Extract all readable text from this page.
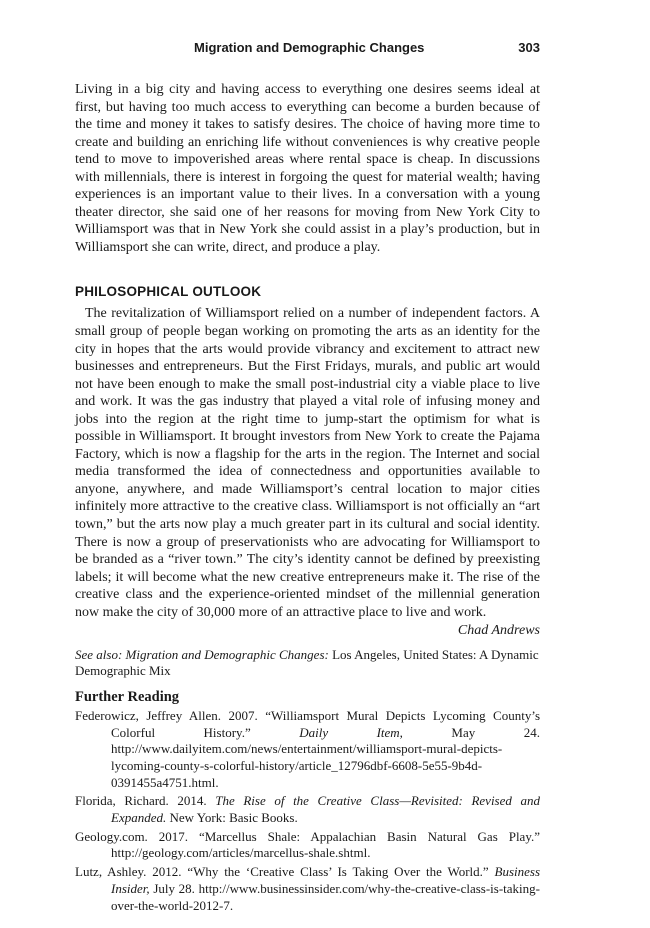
Migration and Demographic Changes	303

Living in a big city and having access to everything one desires seems ideal at first, but having too much access to everything can become a burden because of the time and money it takes to satisfy desires. The choice of having more time to create and building an enriching life without conveniences is why creative people tend to move to impoverished areas where rental space is cheap. In discussions with millennials, there is interest in forgoing the quest for material wealth; having experiences is an important value to their lives. In a conversation with a young theater director, she said one of her reasons for moving from New York City to Williamsport was that in New York she could assist in a play’s production, but in Williamsport she can write, direct, and produce a play.

PHILOSOPHICAL OUTLOOK

The revitalization of Williamsport relied on a number of independent factors. A small group of people began working on promoting the arts as an identity for the city in hopes that the arts would provide vibrancy and excitement to attract new businesses and entrepreneurs. But the First Fridays, murals, and public art would not have been enough to make the small post-industrial city a viable place to live and work. It was the gas industry that played a vital role of infusing money and jobs into the region at the right time to jump-start the optimism for what is possible in Williamsport. It brought investors from New York to create the Pajama Factory, which is now a flagship for the arts in the region. The Internet and social media transformed the idea of connectedness and opportunities available to anyone, anywhere, and made Williamsport’s central location to major cities infinitely more attractive to the creative class. Williamsport is not officially an “art town,” but the arts now play a much greater part in its cultural and social identity. There is now a group of preservationists who are advocating for Williamsport to be branded as a “river town.” The city’s identity cannot be defined by preexisting labels; it will become what the new creative entrepreneurs make it. The rise of the creative class and the experience-oriented mindset of the millennial generation now make the city of 30,000 more of an attractive place to live and work.

Chad Andrews

See also: Migration and Demographic Changes: Los Angeles, United States: A Dynamic Demographic Mix

Further Reading

Federowicz, Jeffrey Allen. 2007. “Williamsport Mural Depicts Lycoming County’s Colorful History.” Daily Item, May 24. http://www.dailyitem.com/news/entertainment/williamsport-mural-depicts-lycoming-county-s-colorful-history/article_12796dbf-6608-5e55-9b4d-0391455a4751.html.

Florida, Richard. 2014. The Rise of the Creative Class—Revisited: Revised and Expanded. New York: Basic Books.

Geology.com. 2017. “Marcellus Shale: Appalachian Basin Natural Gas Play.” http://geology.com/articles/marcellus-shale.shtml.

Lutz, Ashley. 2012. “Why the ‘Creative Class’ Is Taking Over the World.” Business Insider, July 28. http://www.businessinsider.com/why-the-creative-class-is-taking-over-the-world-2012-7.
